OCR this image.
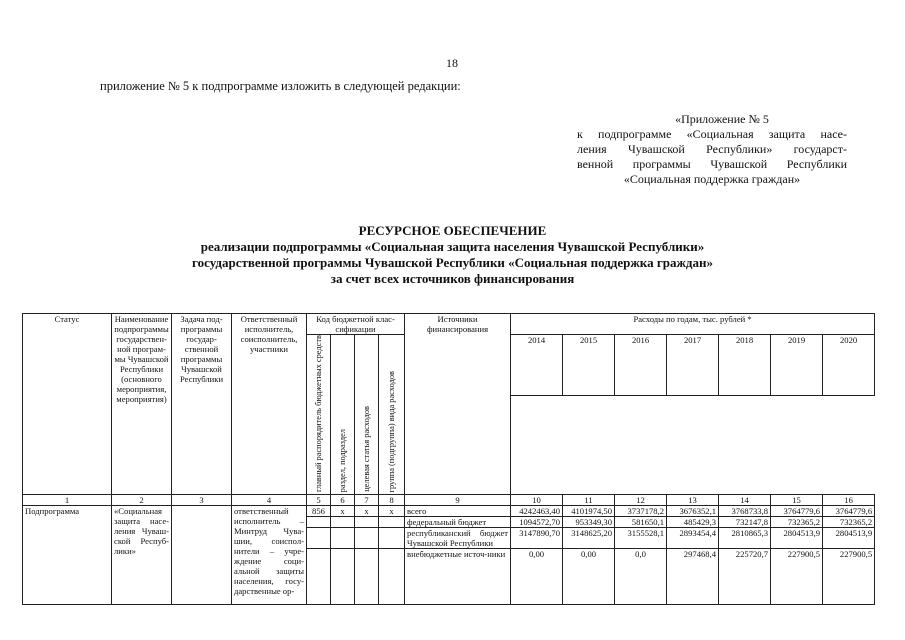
18
приложение № 5 к подпрограмме изложить в следующей редакции:
«Приложение № 5
к подпрограмме «Социальная защита насе-
ления Чувашской Республики» государст-
венной программы Чувашской Республики
«Социальная поддержка граждан»
РЕСУРСНОЕ ОБЕСПЕЧЕНИЕ
реализации подпрограммы «Социальная защита населения Чувашской Республики»
государственной программы Чувашской Республики «Социальная поддержка граждан»
за счет всех источников финансирования
Статус	Наименование подпрограммы государствен-ной програм-мы Чувашской Республики (основного мероприятия, мероприятия)	Задача под-программы государ-ственной программы Чувашской Республики	Ответственный исполнитель, соисполнитель, участники	Код бюджетной клас-сификации				Источники финансирования	Расходы по годам, тыс. рублей *						
				главный распорядитель бюджетных средств	раздел, подраздел	целевая статья расходов	группа (подгруппа) вида расходов		2014	2015	2016	2017	2018	2019	2020

1	2	3	4	5	6	7	8	9	10	11	12	13	14	15	16
Подпрограмма	«Социальная защита насе-ления Чуваш-ской Респуб-лики»		ответственный исполнитель – Минтруд Чува-шии, соиспол-нители – учре-ждение соци-альной защиты населения, госу-дарственные ор-	856	x	x	x	всего	4242463,40	4101974,50	3737178,2	3676352,1	3768733,8	3764779,6	3764779,6
								федеральный бюджет	1094572,70	953349,30	581650,1	485429,3	732147,8	732365,2	732365,2
								республиканский бюджет Чувашской Республики	3147890,70	3148625,20	3155528,1	2893454,4	2810865,3	2804513,9	2804513,9
								внебюджетные источ-ники	0,00	0,00	0,0	297468,4	225720,7	227900,5	227900,5
